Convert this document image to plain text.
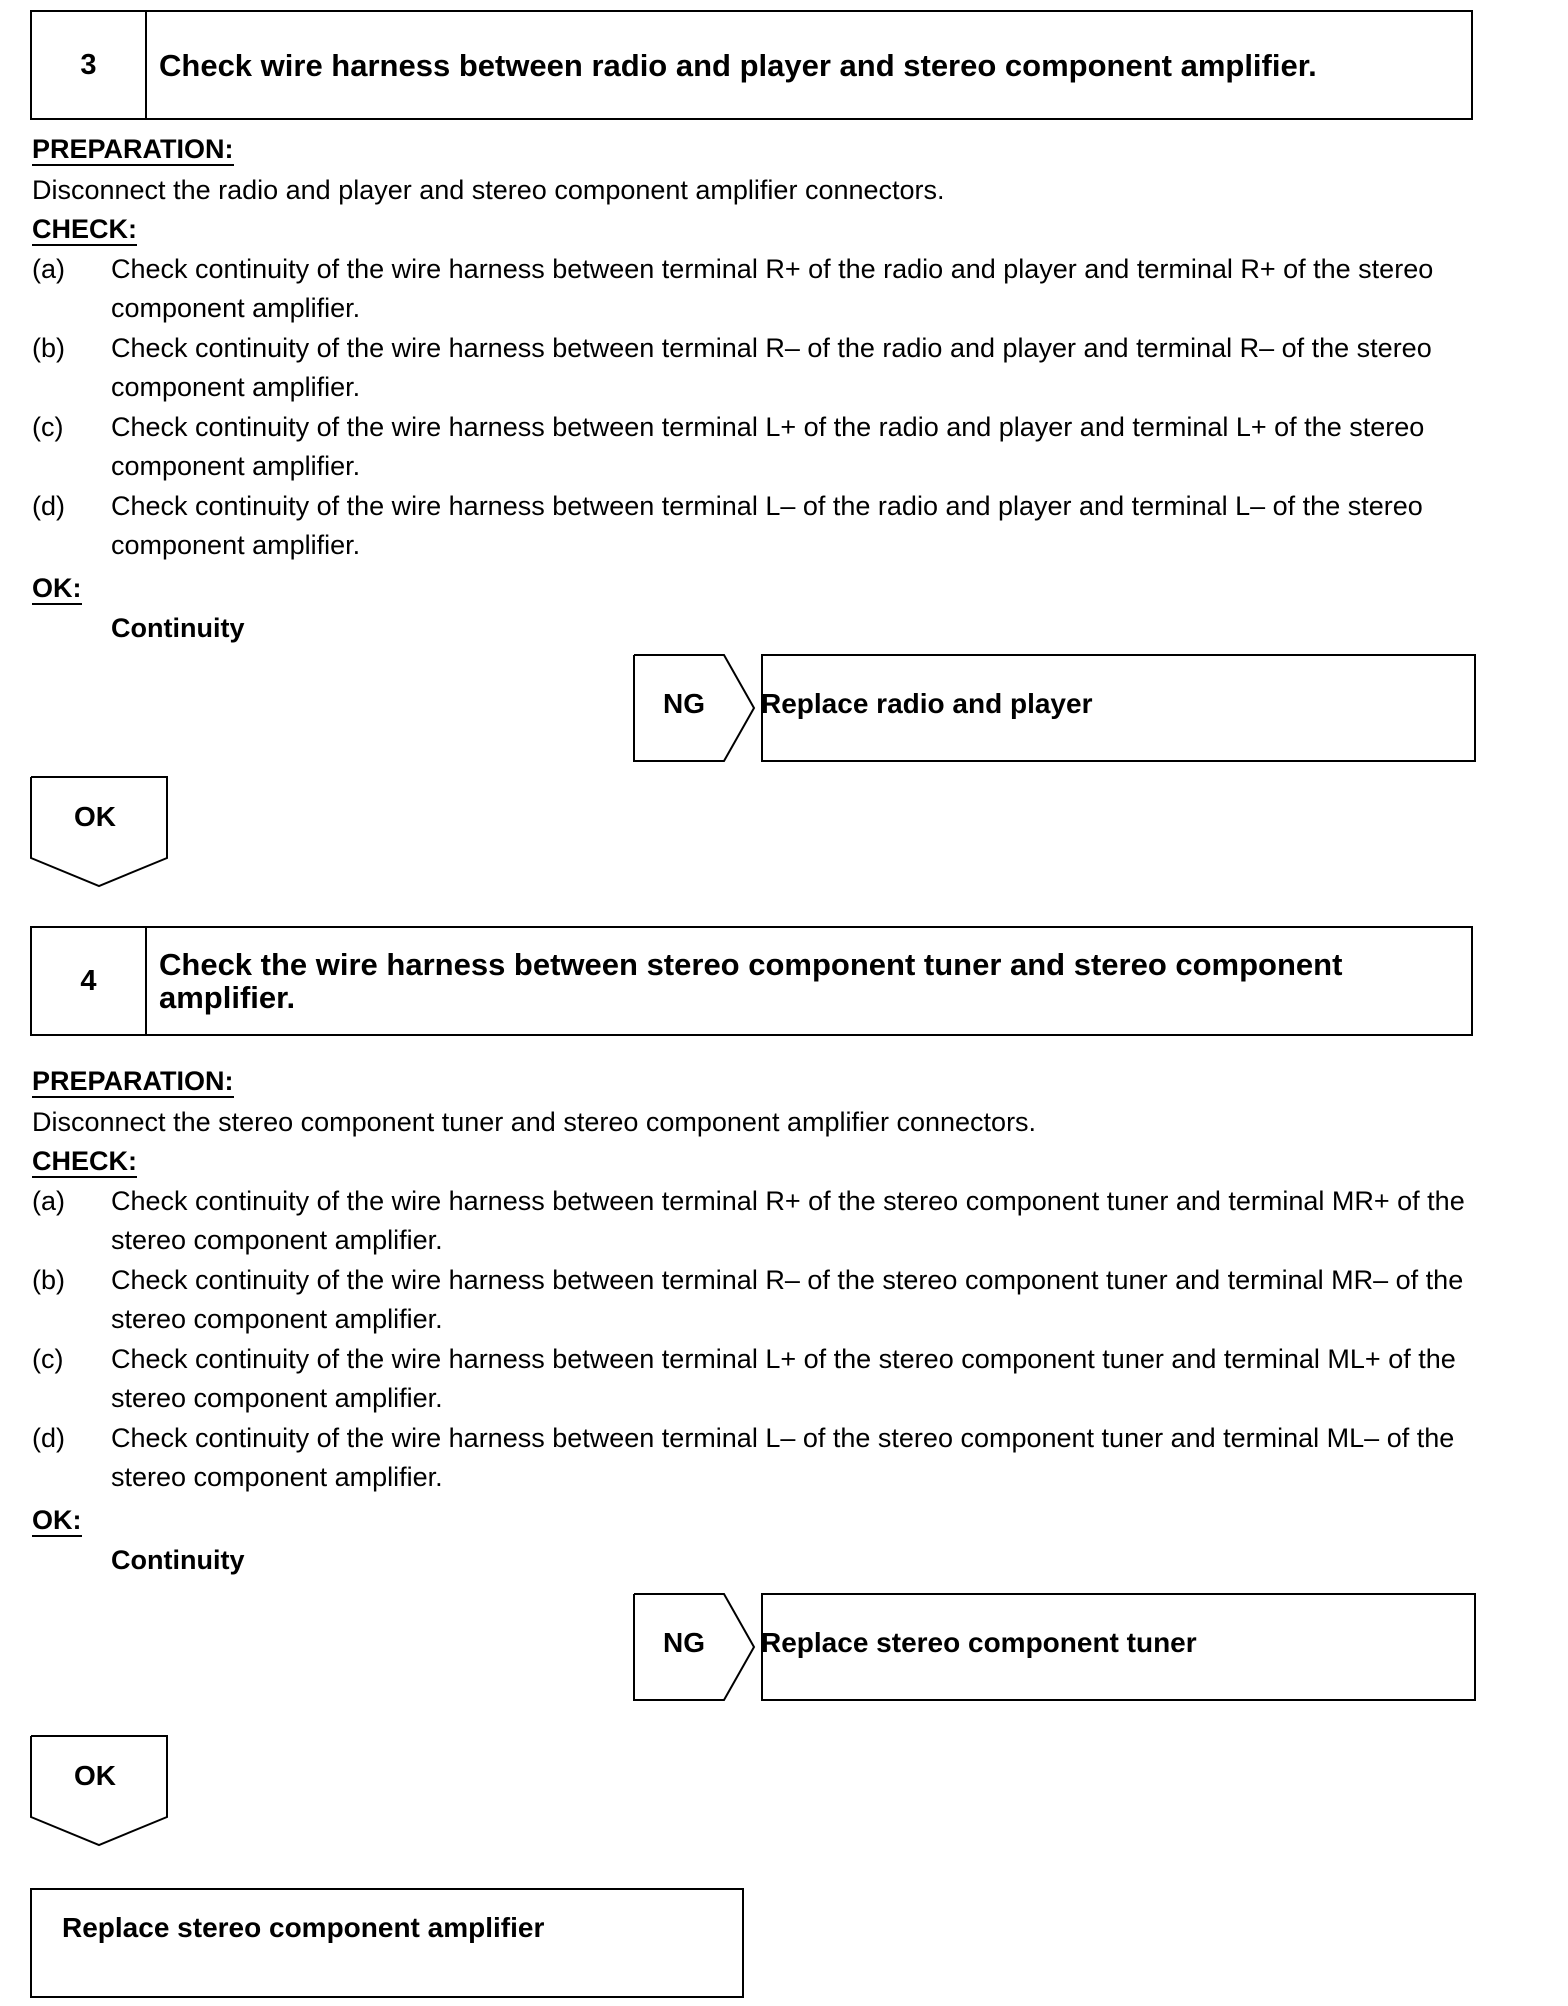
3	Check wire harness between radio and player and stereo component amplifier.
PREPARATION:
Disconnect the radio and player and stereo component amplifier connectors.
CHECK:
(a) Check continuity of the wire harness between terminal R+ of the radio and player and terminal R+ of the stereo component amplifier.
(b) Check continuity of the wire harness between terminal R– of the radio and player and terminal R– of the stereo component amplifier.
(c) Check continuity of the wire harness between terminal L+ of the radio and player and terminal L+ of the stereo component amplifier.
(d) Check continuity of the wire harness between terminal L– of the radio and player and terminal L– of the stereo component amplifier.
OK:
Continuity
NG Replace radio and player
OK
4	Check the wire harness between stereo component tuner and stereo component amplifier.
PREPARATION:
Disconnect the stereo component tuner and stereo component amplifier connectors.
CHECK:
(a) Check continuity of the wire harness between terminal R+ of the stereo component tuner and terminal MR+ of the stereo component amplifier.
(b) Check continuity of the wire harness between terminal R– of the stereo component tuner and terminal MR– of the stereo component amplifier.
(c) Check continuity of the wire harness between terminal L+ of the stereo component tuner and terminal ML+ of the stereo component amplifier.
(d) Check continuity of the wire harness between terminal L– of the stereo component tuner and terminal ML– of the stereo component amplifier.
OK:
Continuity
NG Replace stereo component tuner
OK
Replace stereo component amplifier
